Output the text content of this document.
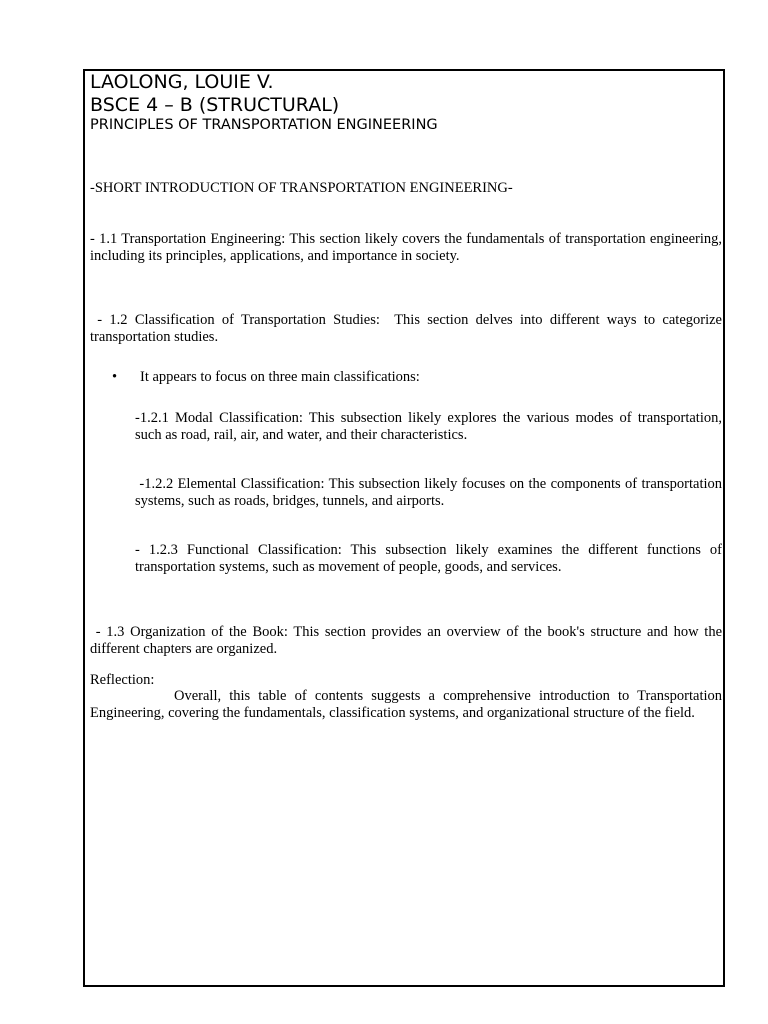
LAOLONG, LOUIE V.
BSCE 4 – B (STRUCTURAL)
PRINCIPLES OF TRANSPORTATION ENGINEERING
-SHORT INTRODUCTION OF TRANSPORTATION ENGINEERING-
- 1.1 Transportation Engineering: This section likely covers the fundamentals of transportation engineering, including its principles, applications, and importance in society.
- 1.2 Classification of Transportation Studies:  This section delves into different ways to categorize transportation studies.
• It appears to focus on three main classifications:
-1.2.1 Modal Classification: This subsection likely explores the various modes of transportation, such as road, rail, air, and water, and their characteristics.
-1.2.2 Elemental Classification: This subsection likely focuses on the components of transportation systems, such as roads, bridges, tunnels, and airports.
- 1.2.3 Functional Classification: This subsection likely examines the different functions of transportation systems, such as movement of people, goods, and services.
- 1.3 Organization of the Book: This section provides an overview of the book's structure and how the different chapters are organized.
Reflection:
Overall, this table of contents suggests a comprehensive introduction to Transportation Engineering, covering the fundamentals, classification systems, and organizational structure of the field.
